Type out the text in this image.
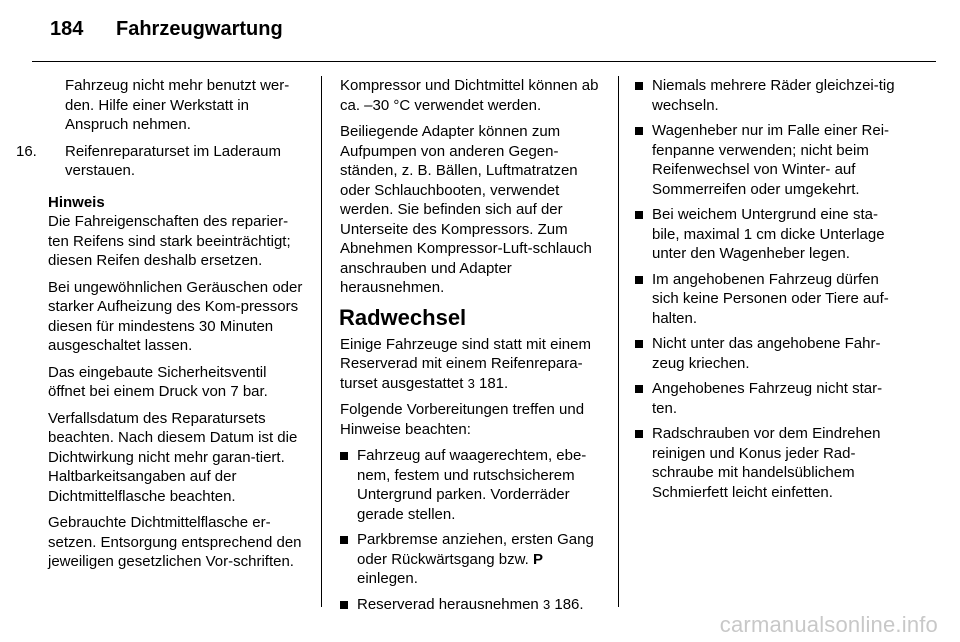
184 Fahrzeugwartung

Fahrzeug nicht mehr benutzt wer-den. Hilfe einer Werkstatt in Anspruch nehmen.

16. Reifenreparaturset im Laderaum verstauen.

Hinweis

Die Fahreigenschaften des reparier-ten Reifens sind stark beeinträchtigt; diesen Reifen deshalb ersetzen.

Bei ungewöhnlichen Geräuschen oder starker Aufheizung des Kom-pressors diesen für mindestens 30 Minuten ausgeschaltet lassen.

Das eingebaute Sicherheitsventil öffnet bei einem Druck von 7 bar.

Verfallsdatum des Reparatursets beachten. Nach diesem Datum ist die Dichtwirkung nicht mehr garan-tiert. Haltbarkeitsangaben auf der Dichtmittelflasche beachten.

Gebrauchte Dichtmittelflasche er-setzen. Entsorgung entsprechend den jeweiligen gesetzlichen Vor-schriften.

Kompressor und Dichtmittel können ab ca. –30 °C verwendet werden.

Beiliegende Adapter können zum Aufpumpen von anderen Gegen-ständen, z. B. Bällen, Luftmatratzen oder Schlauchbooten, verwendet werden. Sie befinden sich auf der Unterseite des Kompressors. Zum Abnehmen Kompressor-Luft-schlauch anschrauben und Adapter herausnehmen.

Radwechsel

Einige Fahrzeuge sind statt mit einem Reserverad mit einem Reifenrepara-turset ausgestattet 3 181.

Folgende Vorbereitungen treffen und Hinweise beachten:

Fahrzeug auf waagerechtem, ebe-nem, festem und rutschsicherem Untergrund parken. Vorderräder gerade stellen.
Parkbremse anziehen, ersten Gang oder Rückwärtsgang bzw. P einlegen.
Reserverad herausnehmen 3 186.
Niemals mehrere Räder gleichzei-tig wechseln.
Wagenheber nur im Falle einer Rei-fenpanne verwenden; nicht beim Reifenwechsel von Winter- auf Sommerreifen oder umgekehrt.
Bei weichem Untergrund eine sta-bile, maximal 1 cm dicke Unterlage unter den Wagenheber legen.
Im angehobenen Fahrzeug dürfen sich keine Personen oder Tiere auf-halten.
Nicht unter das angehobene Fahr-zeug kriechen.
Angehobenes Fahrzeug nicht star-ten.
Radschrauben vor dem Eindrehen reinigen und Konus jeder Rad-schraube mit handelsüblichem Schmierfett leicht einfetten.
carmanualsonline.info
